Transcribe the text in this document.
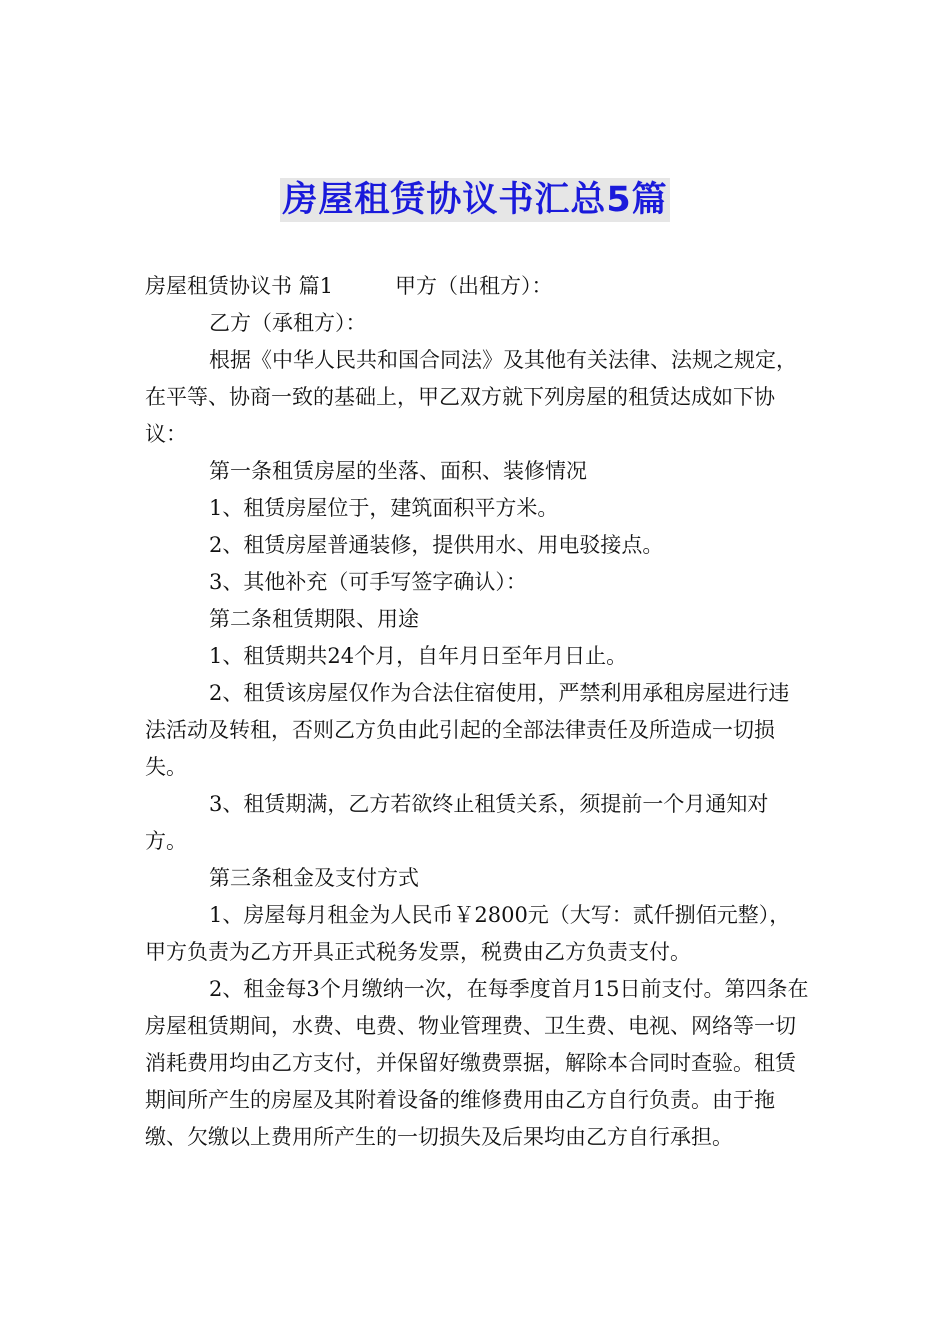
房屋租赁协议书汇总5篇

房屋租赁协议书 篇1	甲方（出租方）：

乙方（承租方）：

根据《中华人民共和国合同法》及其他有关法律、法规之规定，在平等、协商一致的基础上，甲乙双方就下列房屋的租赁达成如下协议：

第一条租赁房屋的坐落、面积、装修情况

1、租赁房屋位于，建筑面积平方米。

2、租赁房屋普通装修，提供用水、用电驳接点。

3、其他补充（可手写签字确认）：

第二条租赁期限、用途

1、租赁期共24个月，自年月日至年月日止。

2、租赁该房屋仅作为合法住宿使用，严禁利用承租房屋进行违法活动及转租，否则乙方负由此引起的全部法律责任及所造成一切损失。

3、租赁期满，乙方若欲终止租赁关系，须提前一个月通知对方。

第三条租金及支付方式

1、房屋每月租金为人民币￥2800元（大写：贰仟捌佰元整），甲方负责为乙方开具正式税务发票，税费由乙方负责支付。

2、租金每3个月缴纳一次，在每季度首月15日前支付。第四条在房屋租赁期间，水费、电费、物业管理费、卫生费、电视、网络等一切消耗费用均由乙方支付，并保留好缴费票据，解除本合同时查验。租赁期间所产生的房屋及其附着设备的维修费用由乙方自行负责。由于拖缴、欠缴以上费用所产生的一切损失及后果均由乙方自行承担。
